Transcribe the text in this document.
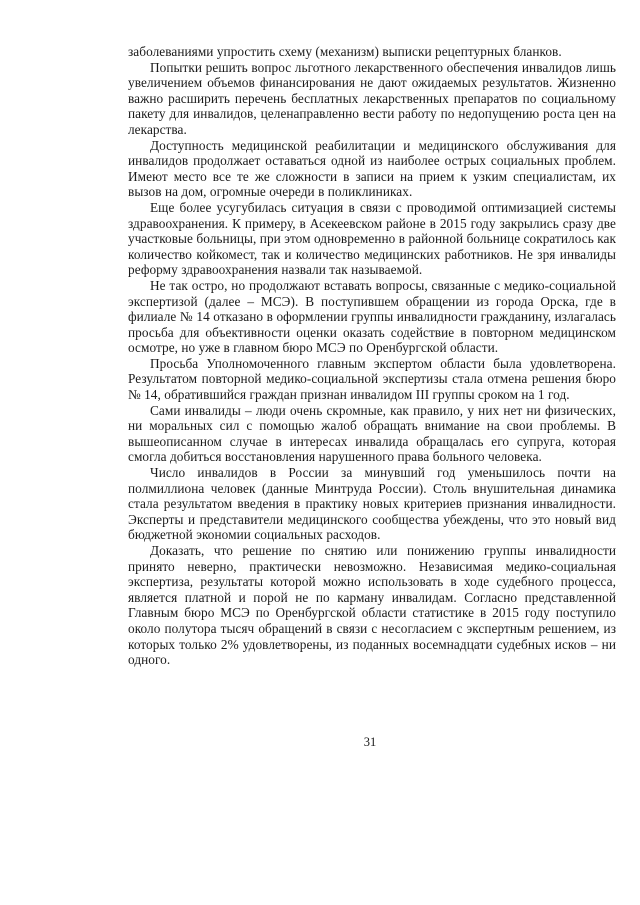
заболеваниями упростить схему (механизм) выписки рецептурных бланков.

Попытки решить вопрос льготного лекарственного обеспечения инвалидов лишь увеличением объемов финансирования не дают ожидаемых результатов. Жизненно важно расширить перечень бесплатных лекарственных препаратов по социальному пакету для инвалидов, целенаправленно вести работу по недопущению роста цен на лекарства.

Доступность медицинской реабилитации и медицинского обслуживания для инвалидов продолжает оставаться одной из наиболее острых социальных проблем. Имеют место все те же сложности в записи на прием к узким специалистам, их вызов на дом, огромные очереди в поликлиниках.

Еще более усугубилась ситуация в связи с проводимой оптимизацией системы здравоохранения. К примеру, в Асекеевском районе в 2015 году закрылись сразу две участковые больницы, при этом одновременно в районной больнице сократилось как количество койкомест, так и количество медицинских работников. Не зря инвалиды реформу здравоохранения назвали так называемой.

Не так остро, но продолжают вставать вопросы, связанные с медико-социальной экспертизой (далее – МСЭ). В поступившем обращении из города Орска, где в филиале № 14 отказано в оформлении группы инвалидности гражданину, излагалась просьба для объективности оценки оказать содействие в повторном медицинском осмотре, но уже в главном бюро МСЭ по Оренбургской области.

Просьба Уполномоченного главным экспертом области была удовлетворена. Результатом повторной медико-социальной экспертизы стала отмена решения бюро № 14, обратившийся граждан признан инвалидом III группы сроком на 1 год.

Сами инвалиды – люди очень скромные, как правило, у них нет ни физических, ни моральных сил с помощью жалоб обращать внимание на свои проблемы. В вышеописанном случае в интересах инвалида обращалась его супруга, которая смогла добиться восстановления нарушенного права больного человека.

Число инвалидов в России за минувший год уменьшилось почти на полмиллиона человек (данные Минтруда России). Столь внушительная динамика стала результатом введения в практику новых критериев признания инвалидности. Эксперты и представители медицинского сообщества убеждены, что это новый вид бюджетной экономии социальных расходов.

Доказать, что решение по снятию или понижению группы инвалидности принято неверно, практически невозможно. Независимая медико-социальная экспертиза, результаты которой можно использовать в ходе судебного процесса, является платной и порой не по карману инвалидам. Согласно представленной Главным бюро МСЭ по Оренбургской области статистике в 2015 году поступило около полутора тысяч обращений в связи с несогласием с экспертным решением, из которых только 2% удовлетворены, из поданных восемнадцати судебных исков – ни одного.

31
